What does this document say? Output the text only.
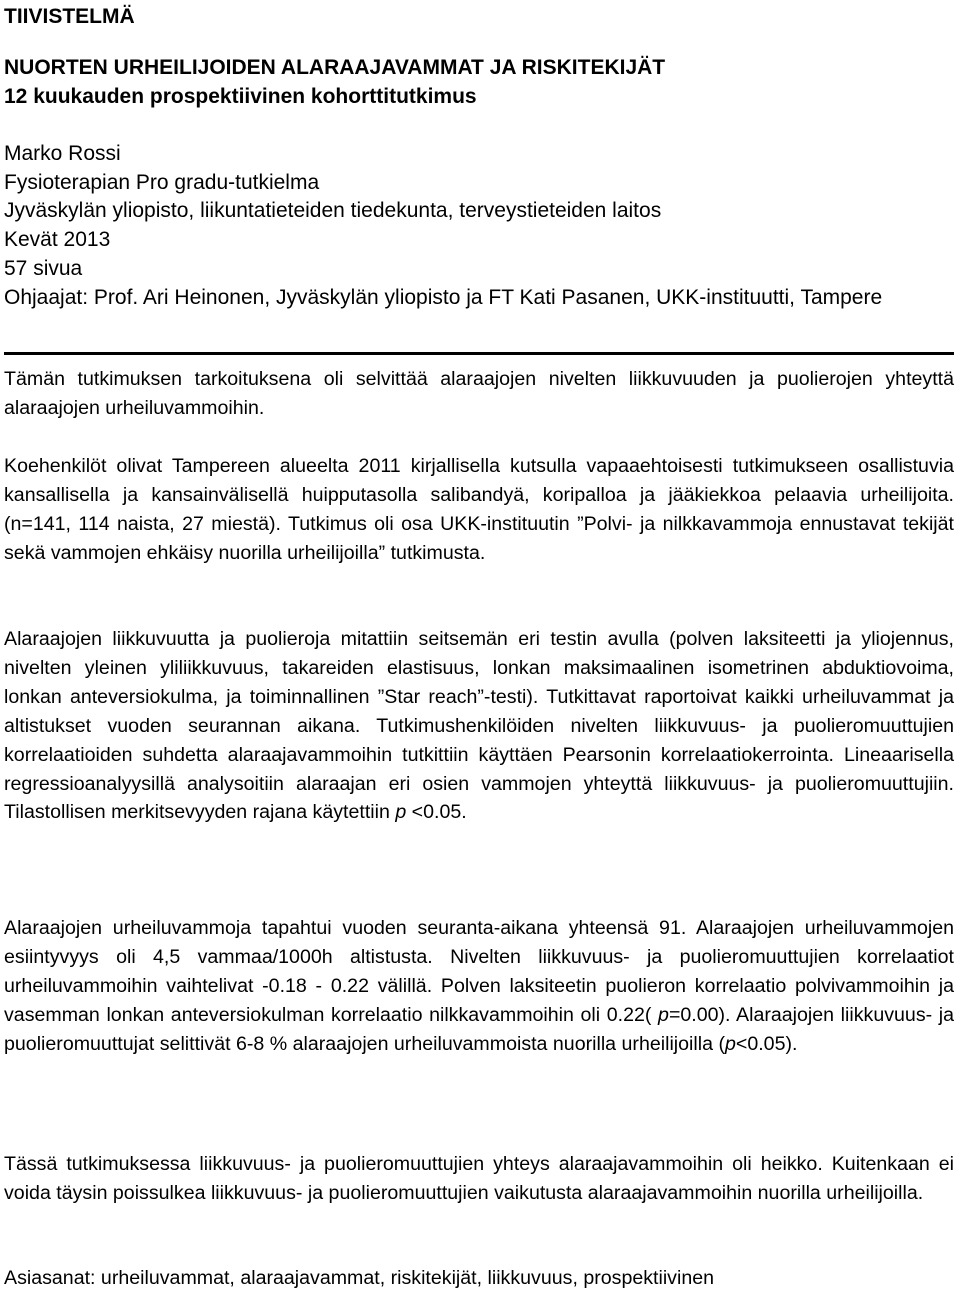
TIIVISTELMÄ
NUORTEN URHEILIJOIDEN ALARAAJAVAMMAT JA RISKITEKIJÄT
12 kuukauden prospektiivinen kohorttitutkimus
Marko Rossi
Fysioterapian Pro gradu-tutkielma
Jyväskylän yliopisto, liikuntatieteiden tiedekunta, terveystieteiden laitos
Kevät 2013
57 sivua
Ohjaajat: Prof. Ari Heinonen, Jyväskylän yliopisto ja FT Kati Pasanen, UKK-instituutti, Tampere

Tämän tutkimuksen tarkoituksena oli selvittää alaraajojen nivelten liikkuvuuden ja puolierojen yhteyttä alaraajojen urheiluvammoihin.

Koehenkilöt olivat Tampereen alueelta 2011 kirjallisella kutsulla vapaaehtoisesti tutkimukseen osallistuvia kansallisella ja kansainvälisellä huipputasolla salibandyä, koripalloa ja jääkiekkoa pelaavia urheilijoita. (n=141, 114 naista, 27 miestä). Tutkimus oli osa UKK-instituutin ”Polvi- ja nilkkavammoja ennustavat tekijät sekä vammojen ehkäisy nuorilla urheilijoilla” tutkimusta.

Alaraajojen liikkuvuutta ja puolieroja mitattiin seitsemän eri testin avulla (polven laksiteetti ja yliojennus, nivelten yleinen yliliikkuvuus, takareiden elastisuus, lonkan maksimaalinen isometrinen abduktiovoima, lonkan anteversiokulma, ja toiminnallinen ”Star reach”-testi). Tutkittavat raportoivat kaikki urheiluvammat ja altistukset vuoden seurannan aikana. Tutkimushenkilöiden nivelten liikkuvuus- ja puolieromuuttujien korrelaatioiden suhdetta alaraajavammoihin tutkittiin käyttäen Pearsonin korrelaatiokerrointa. Lineaarisella regressioanalyysillä analysoitiin alaraajan eri osien vammojen yhteyttä liikkuvuus- ja puolieromuuttujiin. Tilastollisen merkitsevyyden rajana käytettiin p <0.05.

Alaraajojen urheiluvammoja tapahtui vuoden seuranta-aikana yhteensä 91. Alaraajojen urheiluvammojen esiintyvyys oli 4,5 vammaa/1000h altistusta. Nivelten liikkuvuus- ja puolieromuuttujien korrelaatiot urheiluvammoihin vaihtelivat -0.18 - 0.22 välillä. Polven laksiteetin puolieron korrelaatio polvivammoihin ja vasemman lonkan anteversiokulman korrelaatio nilkkavammoihin oli 0.22( p=0.00). Alaraajojen liikkuvuus- ja puolieromuuttujat selittivät 6-8 % alaraajojen urheiluvammoista nuorilla urheilijoilla (p<0.05).

Tässä tutkimuksessa liikkuvuus- ja puolieromuuttujien yhteys alaraajavammoihin oli heikko. Kuitenkaan ei voida täysin poissulkea liikkuvuus- ja puolieromuuttujien vaikutusta alaraajavammoihin nuorilla urheilijoilla.

Asiasanat: urheiluvammat, alaraajavammat, riskitekijät, liikkuvuus, prospektiivinen
